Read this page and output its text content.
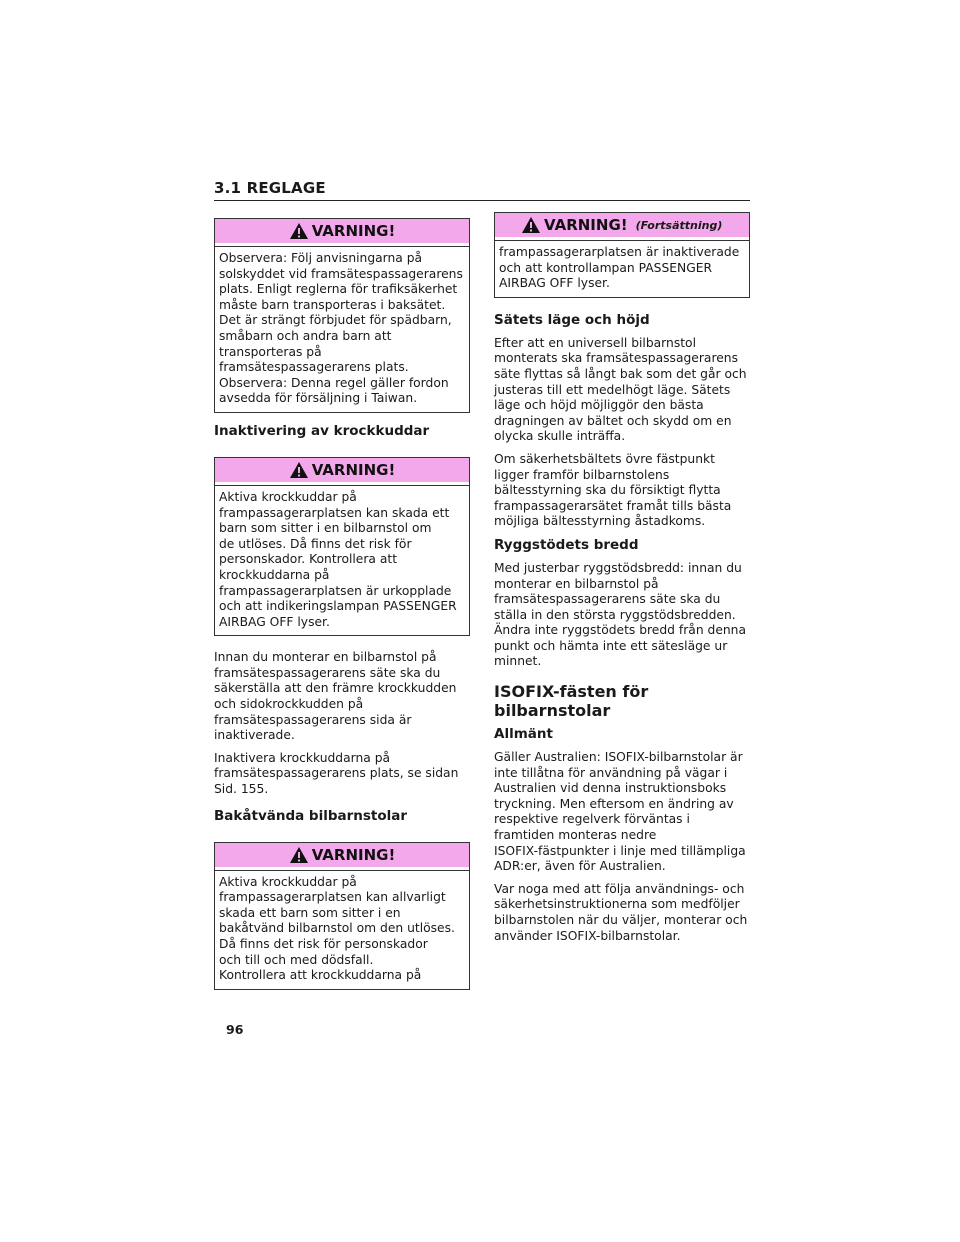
3.1 REGLAGE
VARNING!
Observera: Följ anvisningarna på
solskyddet vid framsätespassagerarens
plats. Enligt reglerna för trafiksäkerhet
måste barn transporteras i baksätet.
Det är strängt förbjudet för spädbarn,
småbarn och andra barn att
transporteras på
framsätespassagerarens plats.
Observera: Denna regel gäller fordon
avsedda för försäljning i Taiwan.
Inaktivering av krockkuddar
VARNING!
Aktiva krockkuddar på
frampassagerarplatsen kan skada ett
barn som sitter i en bilbarnstol om
de utlöses. Då finns det risk för
personskador. Kontrollera att
krockkuddarna på
frampassagerarplatsen är urkopplade
och att indikeringslampan PASSENGER
AIRBAG OFF lyser.
Innan du monterar en bilbarnstol på
framsätespassagerarens säte ska du
säkerställa att den främre krockkudden
och sidokrockkudden på
framsätespassagerarens sida är
inaktiverade.
Inaktivera krockkuddarna på
framsätespassagerarens plats, se sidan
Sid. 155.
Bakåtvända bilbarnstolar
VARNING!
Aktiva krockkuddar på
frampassagerarplatsen kan allvarligt
skada ett barn som sitter i en
bakåtvänd bilbarnstol om den utlöses.
Då finns det risk för personskador
och till och med dödsfall.
Kontrollera att krockkuddarna på
VARNING! (Fortsättning)
frampassagerarplatsen är inaktiverade
och att kontrollampan PASSENGER
AIRBAG OFF lyser.
Sätets läge och höjd
Efter att en universell bilbarnstol
monterats ska framsätespassagerarens
säte flyttas så långt bak som det går och
justeras till ett medelhögt läge. Sätets
läge och höjd möjliggör den bästa
dragningen av bältet och skydd om en
olycka skulle inträffa.
Om säkerhetsbältets övre fästpunkt
ligger framför bilbarnstolens
bältesstyrning ska du försiktigt flytta
frampassagerarsätet framåt tills bästa
möjliga bältesstyrning åstadkoms.
Ryggstödets bredd
Med justerbar ryggstödsbredd: innan du
monterar en bilbarnstol på
framsätespassagerarens säte ska du
ställa in den största ryggstödsbredden.
Ändra inte ryggstödets bredd från denna
punkt och hämta inte ett sätesläge ur
minnet.
ISOFIX-fästen för bilbarnstolar
Allmänt
Gäller Australien: ISOFIX-bilbarnstolar är
inte tillåtna för användning på vägar i
Australien vid denna instruktionsboks
tryckning. Men eftersom en ändring av
respektive regelverk förväntas i
framtiden monteras nedre
ISOFIX-fästpunkter i linje med tillämpliga
ADR:er, även för Australien.
Var noga med att följa användnings- och
säkerhetsinstruktionerna som medföljer
bilbarnstolen när du väljer, monterar och
använder ISOFIX-bilbarnstolar.
96
